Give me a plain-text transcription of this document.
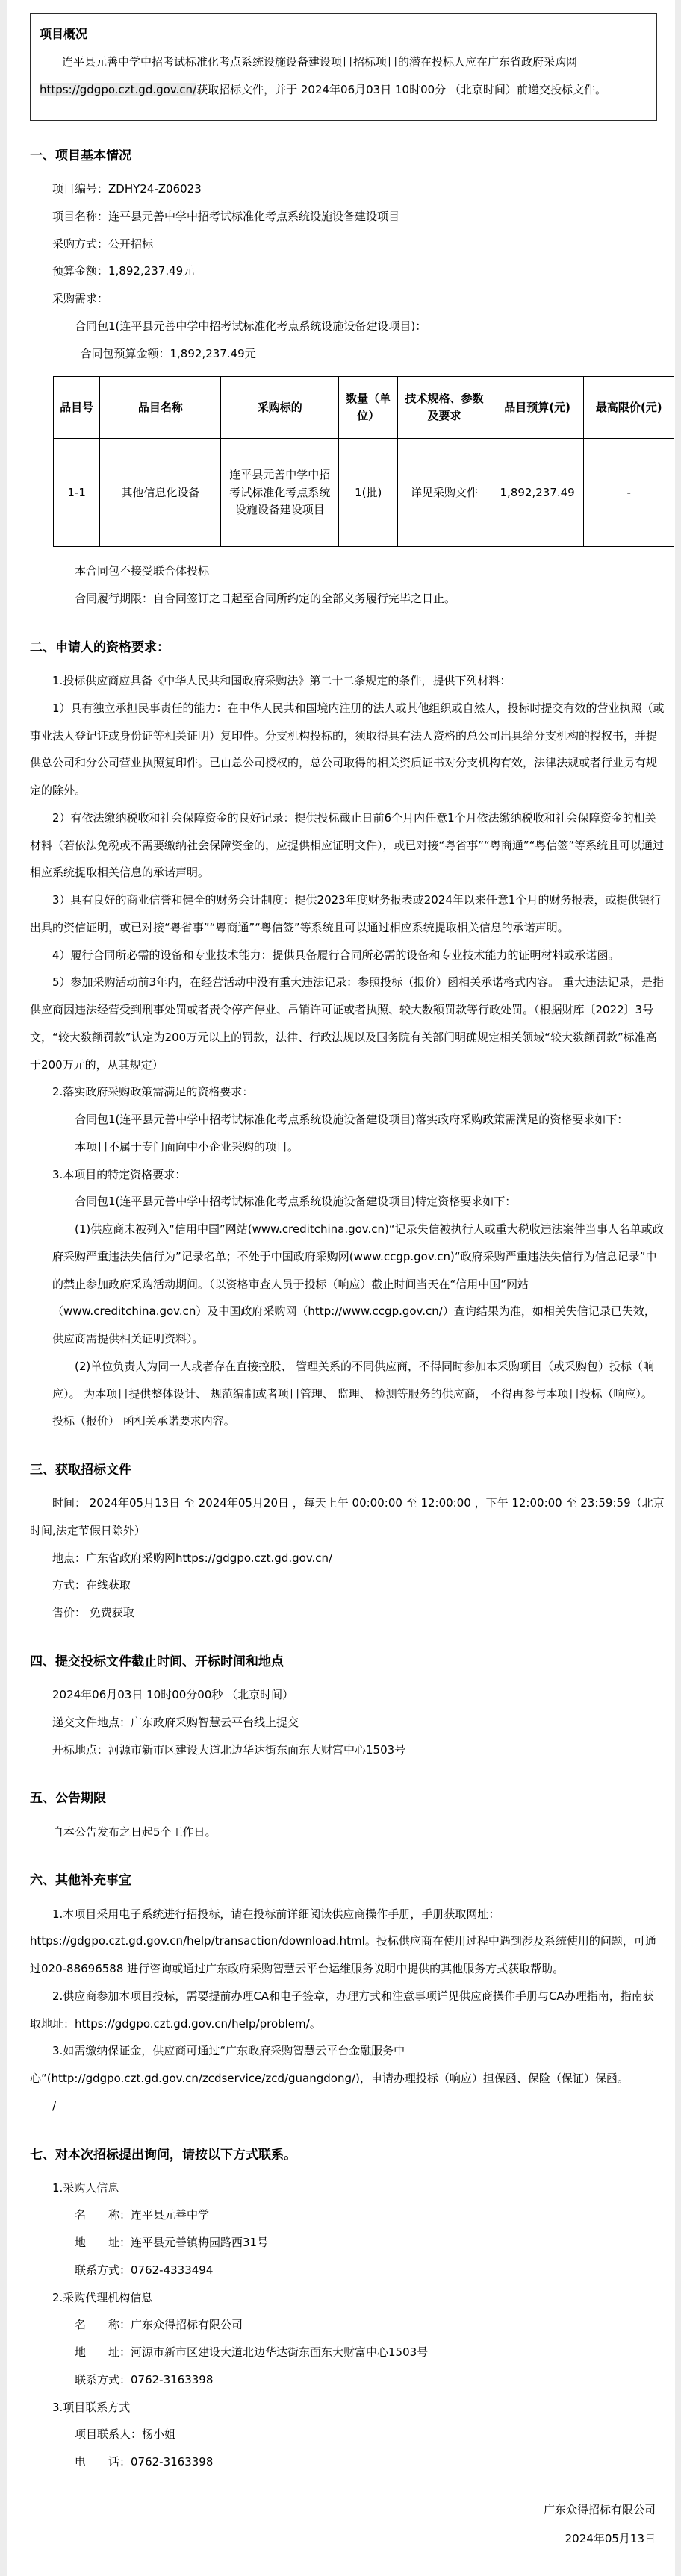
项目概况

连平县元善中学中招考试标准化考点系统设施设备建设项目招标项目的潜在投标人应在广东省政府采购网https://gdgpo.czt.gd.gov.cn/获取招标文件，并于 2024年06月03日 10时00分 （北京时间）前递交投标文件。

一、项目基本情况

项目编号：ZDHY24-Z06023

项目名称：连平县元善中学中招考试标准化考点系统设施设备建设项目

采购方式：公开招标

预算金额：1,892,237.49元

采购需求：

合同包1(连平县元善中学中招考试标准化考点系统设施设备建设项目)：

合同包预算金额：1,892,237.49元

品目号	品目名称	采购标的	数量（单位）	技术规格、参数及要求	品目预算(元)	最高限价(元)
1-1	其他信息化设备	连平县元善中学中招考试标准化考点系统设施设备建设项目	1(批)	详见采购文件	1,892,237.49	-

本合同包不接受联合体投标

合同履行期限：自合同签订之日起至合同所约定的全部义务履行完毕之日止。

二、申请人的资格要求：

1.投标供应商应具备《中华人民共和国政府采购法》第二十二条规定的条件，提供下列材料：

1）具有独立承担民事责任的能力：在中华人民共和国境内注册的法人或其他组织或自然人，投标时提交有效的营业执照（或事业法人登记证或身份证等相关证明）复印件。分支机构投标的，须取得具有法人资格的总公司出具给分支机构的授权书，并提供总公司和分公司营业执照复印件。已由总公司授权的，总公司取得的相关资质证书对分支机构有效，法律法规或者行业另有规定的除外。

2）有依法缴纳税收和社会保障资金的良好记录：提供投标截止日前6个月内任意1个月依法缴纳税收和社会保障资金的相关材料（若依法免税或不需要缴纳社会保障资金的，应提供相应证明文件），或已对接“粤省事”“粤商通”“粤信签”等系统且可以通过相应系统提取相关信息的承诺声明。

3）具有良好的商业信誉和健全的财务会计制度：提供2023年度财务报表或2024年以来任意1个月的财务报表，或提供银行出具的资信证明，或已对接“粤省事”“粤商通”“粤信签”等系统且可以通过相应系统提取相关信息的承诺声明。

4）履行合同所必需的设备和专业技术能力：提供具备履行合同所必需的设备和专业技术能力的证明材料或承诺函。

5）参加采购活动前3年内，在经营活动中没有重大违法记录：参照投标（报价）函相关承诺格式内容。 重大违法记录，是指供应商因违法经营受到刑事处罚或者责令停产停业、吊销许可证或者执照、较大数额罚款等行政处罚。（根据财库〔2022〕3号文，“较大数额罚款”认定为200万元以上的罚款，法律、行政法规以及国务院有关部门明确规定相关领域“较大数额罚款”标准高于200万元的，从其规定）

2.落实政府采购政策需满足的资格要求：

合同包1(连平县元善中学中招考试标准化考点系统设施设备建设项目)落实政府采购政策需满足的资格要求如下：

本项目不属于专门面向中小企业采购的项目。

3.本项目的特定资格要求：

合同包1(连平县元善中学中招考试标准化考点系统设施设备建设项目)特定资格要求如下：

(1)供应商未被列入“信用中国”网站(www.creditchina.gov.cn)“记录失信被执行人或重大税收违法案件当事人名单或政府采购严重违法失信行为”记录名单；不处于中国政府采购网(www.ccgp.gov.cn)“政府采购严重违法失信行为信息记录”中的禁止参加政府采购活动期间。（以资格审查人员于投标（响应）截止时间当天在“信用中国”网站（www.creditchina.gov.cn）及中国政府采购网（http://www.ccgp.gov.cn/）查询结果为准，如相关失信记录已失效，供应商需提供相关证明资料）。

(2)单位负责人为同一人或者存在直接控股、 管理关系的不同供应商，不得同时参加本采购项目（或采购包）投标（响应）。 为本项目提供整体设计、 规范编制或者项目管理、 监理、 检测等服务的供应商， 不得再参与本项目投标（响应）。 投标（报价） 函相关承诺要求内容。

三、获取招标文件

时间： 2024年05月13日 至 2024年05月20日 ，每天上午 00:00:00 至 12:00:00 ，下午 12:00:00 至 23:59:59（北京时间,法定节假日除外）

地点：广东省政府采购网https://gdgpo.czt.gd.gov.cn/

方式：在线获取

售价： 免费获取

四、提交投标文件截止时间、开标时间和地点

2024年06月03日 10时00分00秒 （北京时间）

递交文件地点：广东政府采购智慧云平台线上提交

开标地点：河源市新市区建设大道北边华达街东面东大财富中心1503号

五、公告期限

自本公告发布之日起5个工作日。

六、其他补充事宜

1.本项目采用电子系统进行招投标，请在投标前详细阅读供应商操作手册，手册获取网址：https://gdgpo.czt.gd.gov.cn/help/transaction/download.html。投标供应商在使用过程中遇到涉及系统使用的问题，可通过020-88696588 进行咨询或通过广东政府采购智慧云平台运维服务说明中提供的其他服务方式获取帮助。

2.供应商参加本项目投标，需要提前办理CA和电子签章，办理方式和注意事项详见供应商操作手册与CA办理指南，指南获取地址：https://gdgpo.czt.gd.gov.cn/help/problem/。

3.如需缴纳保证金，供应商可通过“广东政府采购智慧云平台金融服务中心”(http://gdgpo.czt.gd.gov.cn/zcdservice/zcd/guangdong/)，申请办理投标（响应）担保函、保险（保证）保函。

/

七、对本次招标提出询问，请按以下方式联系。

1.采购人信息

名　　称：连平县元善中学

地　　址：连平县元善镇梅园路西31号

联系方式：0762-4333494

2.采购代理机构信息

名　　称：广东众得招标有限公司

地　　址：河源市新市区建设大道北边华达街东面东大财富中心1503号

联系方式：0762-3163398

3.项目联系方式

项目联系人：杨小姐

电　　话：0762-3163398

广东众得招标有限公司

2024年05月13日
